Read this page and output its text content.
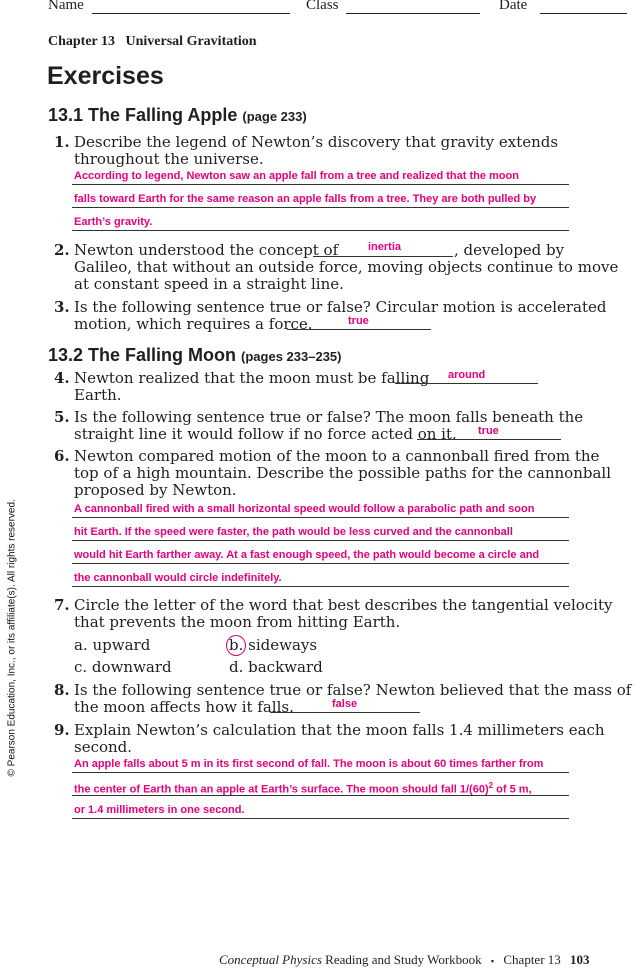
Name	Class	Date
Chapter 13   Universal Gravitation
Exercises
13.1 The Falling Apple (page 233)
1. Describe the legend of Newton’s discovery that gravity extends
throughout the universe.
According to legend, Newton saw an apple fall from a tree and realized that the moon
falls toward Earth for the same reason an apple falls from a tree. They are both pulled by
Earth’s gravity.
2. Newton understood the concept of	inertia	, developed by
Galileo, that without an outside force, moving objects continue to move
at constant speed in a straight line.
3. Is the following sentence true or false? Circular motion is accelerated
motion, which requires a force.	true
13.2 The Falling Moon (pages 233–235)
4. Newton realized that the moon must be falling around
Earth.
5. Is the following sentence true or false? The moon falls beneath the
straight line it would follow if no force acted on it. true
6. Newton compared motion of the moon to a cannonball fired from the
top of a high mountain. Describe the possible paths for the cannonball
proposed by Newton.
A cannonball fired with a small horizontal speed would follow a parabolic path and soon
hit Earth. If the speed were faster, the path would be less curved and the cannonball
would hit Earth farther away. At a fast enough speed, the path would become a circle and
the cannonball would circle indefinitely.
7. Circle the letter of the word that best describes the tangential velocity
that prevents the moon from hitting Earth.
a. upward	b. sideways
c. downward	d. backward
8. Is the following sentence true or false? Newton believed that the mass of
the moon affects how it falls.	false
9. Explain Newton’s calculation that the moon falls 1.4 millimeters each
second.
An apple falls about 5 m in its first second of fall. The moon is about 60 times farther from
the center of Earth than an apple at Earth’s surface. The moon should fall $1/(60)^2$ of 5 m,
or 1.4 millimeters in one second.
© Pearson Education, Inc., or its affiliate(s). All rights reserved.
Conceptual Physics Reading and Study Workbook ▪ Chapter 13 103
